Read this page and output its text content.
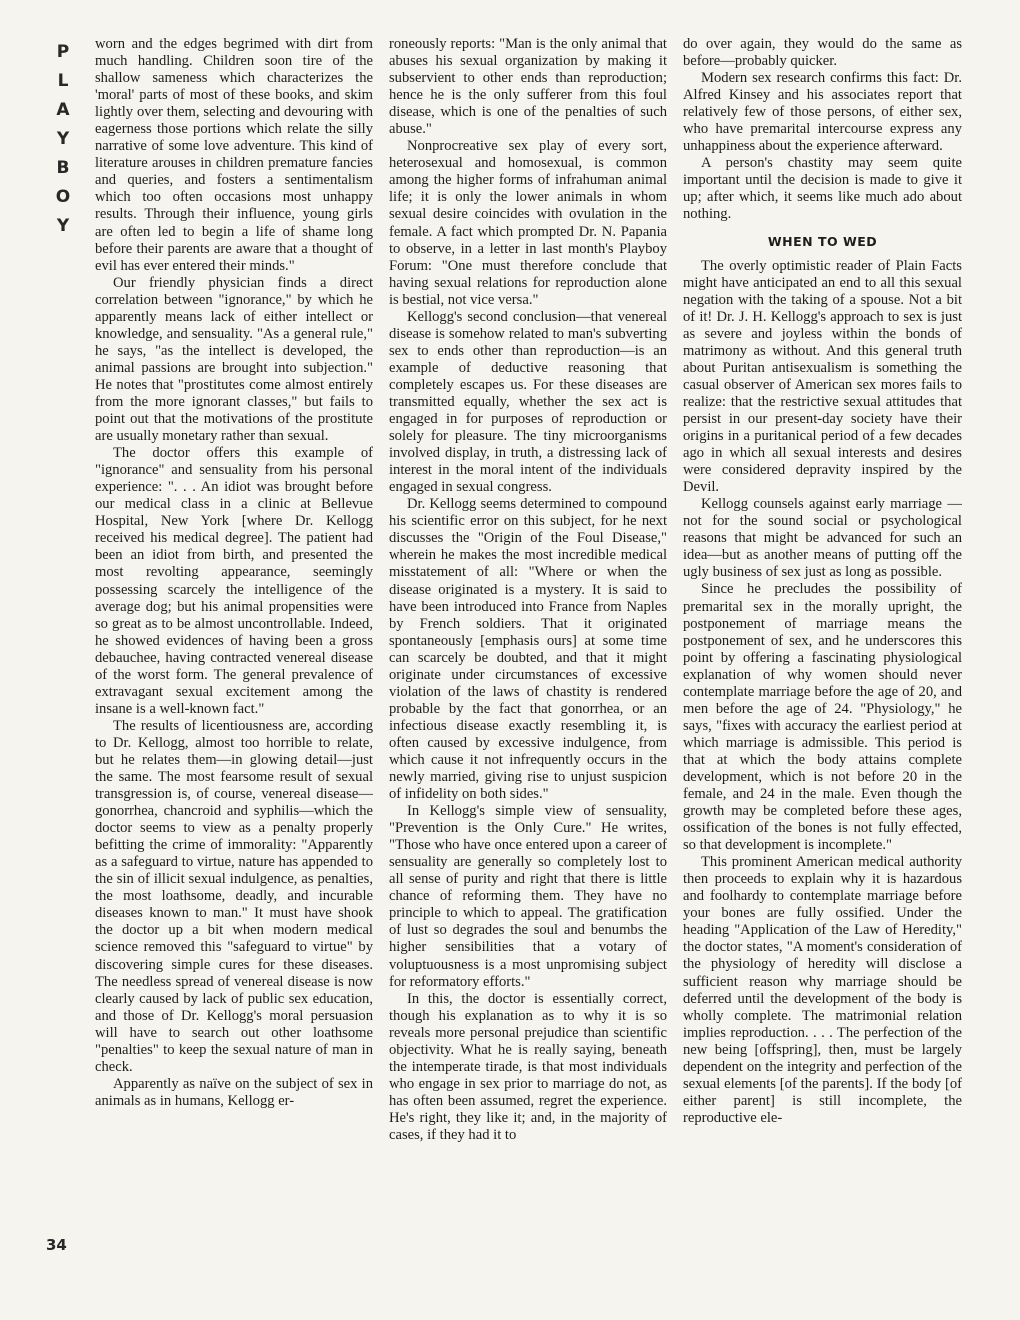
P
L
A
Y
B
O
Y

worn and the edges begrimed with dirt from much handling. Children soon tire of the shallow sameness which characterizes the 'moral' parts of most of these books, and skim lightly over them, selecting and devouring with eagerness those portions which relate the silly narrative of some love adventure. This kind of literature arouses in children premature fancies and queries, and fosters a sentimentalism which too often occasions most unhappy results. Through their influence, young girls are often led to begin a life of shame long before their parents are aware that a thought of evil has ever entered their minds."

Our friendly physician finds a direct correlation between "ignorance," by which he apparently means lack of either intellect or knowledge, and sensuality. "As a general rule," he says, "as the intellect is developed, the animal passions are brought into subjection." He notes that "prostitutes come almost entirely from the more ignorant classes," but fails to point out that the motivations of the prostitute are usually monetary rather than sexual.

The doctor offers this example of "ignorance" and sensuality from his personal experience: ". . . An idiot was brought before our medical class in a clinic at Bellevue Hospital, New York [where Dr. Kellogg received his medical degree]. The patient had been an idiot from birth, and presented the most revolting appearance, seemingly possessing scarcely the intelligence of the average dog; but his animal propensities were so great as to be almost uncontrollable. Indeed, he showed evidences of having been a gross debauchee, having contracted venereal disease of the worst form. The general prevalence of extravagant sexual excitement among the insane is a well-known fact."

The results of licentiousness are, according to Dr. Kellogg, almost too horrible to relate, but he relates them—in glowing detail—just the same. The most fearsome result of sexual transgression is, of course, venereal disease—gonorrhea, chancroid and syphilis—which the doctor seems to view as a penalty properly befitting the crime of immorality: "Apparently as a safeguard to virtue, nature has appended to the sin of illicit sexual indulgence, as penalties, the most loathsome, deadly, and incurable diseases known to man." It must have shook the doctor up a bit when modern medical science removed this "safeguard to virtue" by discovering simple cures for these diseases. The needless spread of venereal disease is now clearly caused by lack of public sex education, and those of Dr. Kellogg's moral persuasion will have to search out other loathsome "penalties" to keep the sexual nature of man in check.

Apparently as naïve on the subject of sex in animals as in humans, Kellogg er-

roneously reports: "Man is the only animal that abuses his sexual organization by making it subservient to other ends than reproduction; hence he is the only sufferer from this foul disease, which is one of the penalties of such abuse."

Nonprocreative sex play of every sort, heterosexual and homosexual, is common among the higher forms of infrahuman animal life; it is only the lower animals in whom sexual desire coincides with ovulation in the female. A fact which prompted Dr. N. Papania to observe, in a letter in last month's Playboy Forum: "One must therefore conclude that having sexual relations for reproduction alone is bestial, not vice versa."

Kellogg's second conclusion—that venereal disease is somehow related to man's subverting sex to ends other than reproduction—is an example of deductive reasoning that completely escapes us. For these diseases are transmitted equally, whether the sex act is engaged in for purposes of reproduction or solely for pleasure. The tiny microorganisms involved display, in truth, a distressing lack of interest in the moral intent of the individuals engaged in sexual congress.

Dr. Kellogg seems determined to compound his scientific error on this subject, for he next discusses the "Origin of the Foul Disease," wherein he makes the most incredible medical misstatement of all: "Where or when the disease originated is a mystery. It is said to have been introduced into France from Naples by French soldiers. That it originated spontaneously [emphasis ours] at some time can scarcely be doubted, and that it might originate under circumstances of excessive violation of the laws of chastity is rendered probable by the fact that gonorrhea, or an infectious disease exactly resembling it, is often caused by excessive indulgence, from which cause it not infrequently occurs in the newly married, giving rise to unjust suspicion of infidelity on both sides."

In Kellogg's simple view of sensuality, "Prevention is the Only Cure." He writes, "Those who have once entered upon a career of sensuality are generally so completely lost to all sense of purity and right that there is little chance of reforming them. They have no principle to which to appeal. The gratification of lust so degrades the soul and benumbs the higher sensibilities that a votary of voluptuousness is a most unpromising subject for reformatory efforts."

In this, the doctor is essentially correct, though his explanation as to why it is so reveals more personal prejudice than scientific objectivity. What he is really saying, beneath the intemperate tirade, is that most individuals who engage in sex prior to marriage do not, as has often been assumed, regret the experience. He's right, they like it; and, in the majority of cases, if they had it to

do over again, they would do the same as before—probably quicker.

Modern sex research confirms this fact: Dr. Alfred Kinsey and his associates report that relatively few of those persons, of either sex, who have premarital intercourse express any unhappiness about the experience afterward.

A person's chastity may seem quite important until the decision is made to give it up; after which, it seems like much ado about nothing.

WHEN TO WED

The overly optimistic reader of Plain Facts might have anticipated an end to all this sexual negation with the taking of a spouse. Not a bit of it! Dr. J. H. Kellogg's approach to sex is just as severe and joyless within the bonds of matrimony as without. And this general truth about Puritan antisexualism is something the casual observer of American sex mores fails to realize: that the restrictive sexual attitudes that persist in our present-day society have their origins in a puritanical period of a few decades ago in which all sexual interests and desires were considered depravity inspired by the Devil.

Kellogg counsels against early marriage —not for the sound social or psychological reasons that might be advanced for such an idea—but as another means of putting off the ugly business of sex just as long as possible.

Since he precludes the possibility of premarital sex in the morally upright, the postponement of marriage means the postponement of sex, and he underscores this point by offering a fascinating physiological explanation of why women should never contemplate marriage before the age of 20, and men before the age of 24. "Physiology," he says, "fixes with accuracy the earliest period at which marriage is admissible. This period is that at which the body attains complete development, which is not before 20 in the female, and 24 in the male. Even though the growth may be completed before these ages, ossification of the bones is not fully effected, so that development is incomplete."

This prominent American medical authority then proceeds to explain why it is hazardous and foolhardy to contemplate marriage before your bones are fully ossified. Under the heading "Application of the Law of Heredity," the doctor states, "A moment's consideration of the physiology of heredity will disclose a sufficient reason why marriage should be deferred until the development of the body is wholly complete. The matrimonial relation implies reproduction. . . . The perfection of the new being [offspring], then, must be largely dependent on the integrity and perfection of the sexual elements [of the parents]. If the body [of either parent] is still incomplete, the reproductive ele-

34
